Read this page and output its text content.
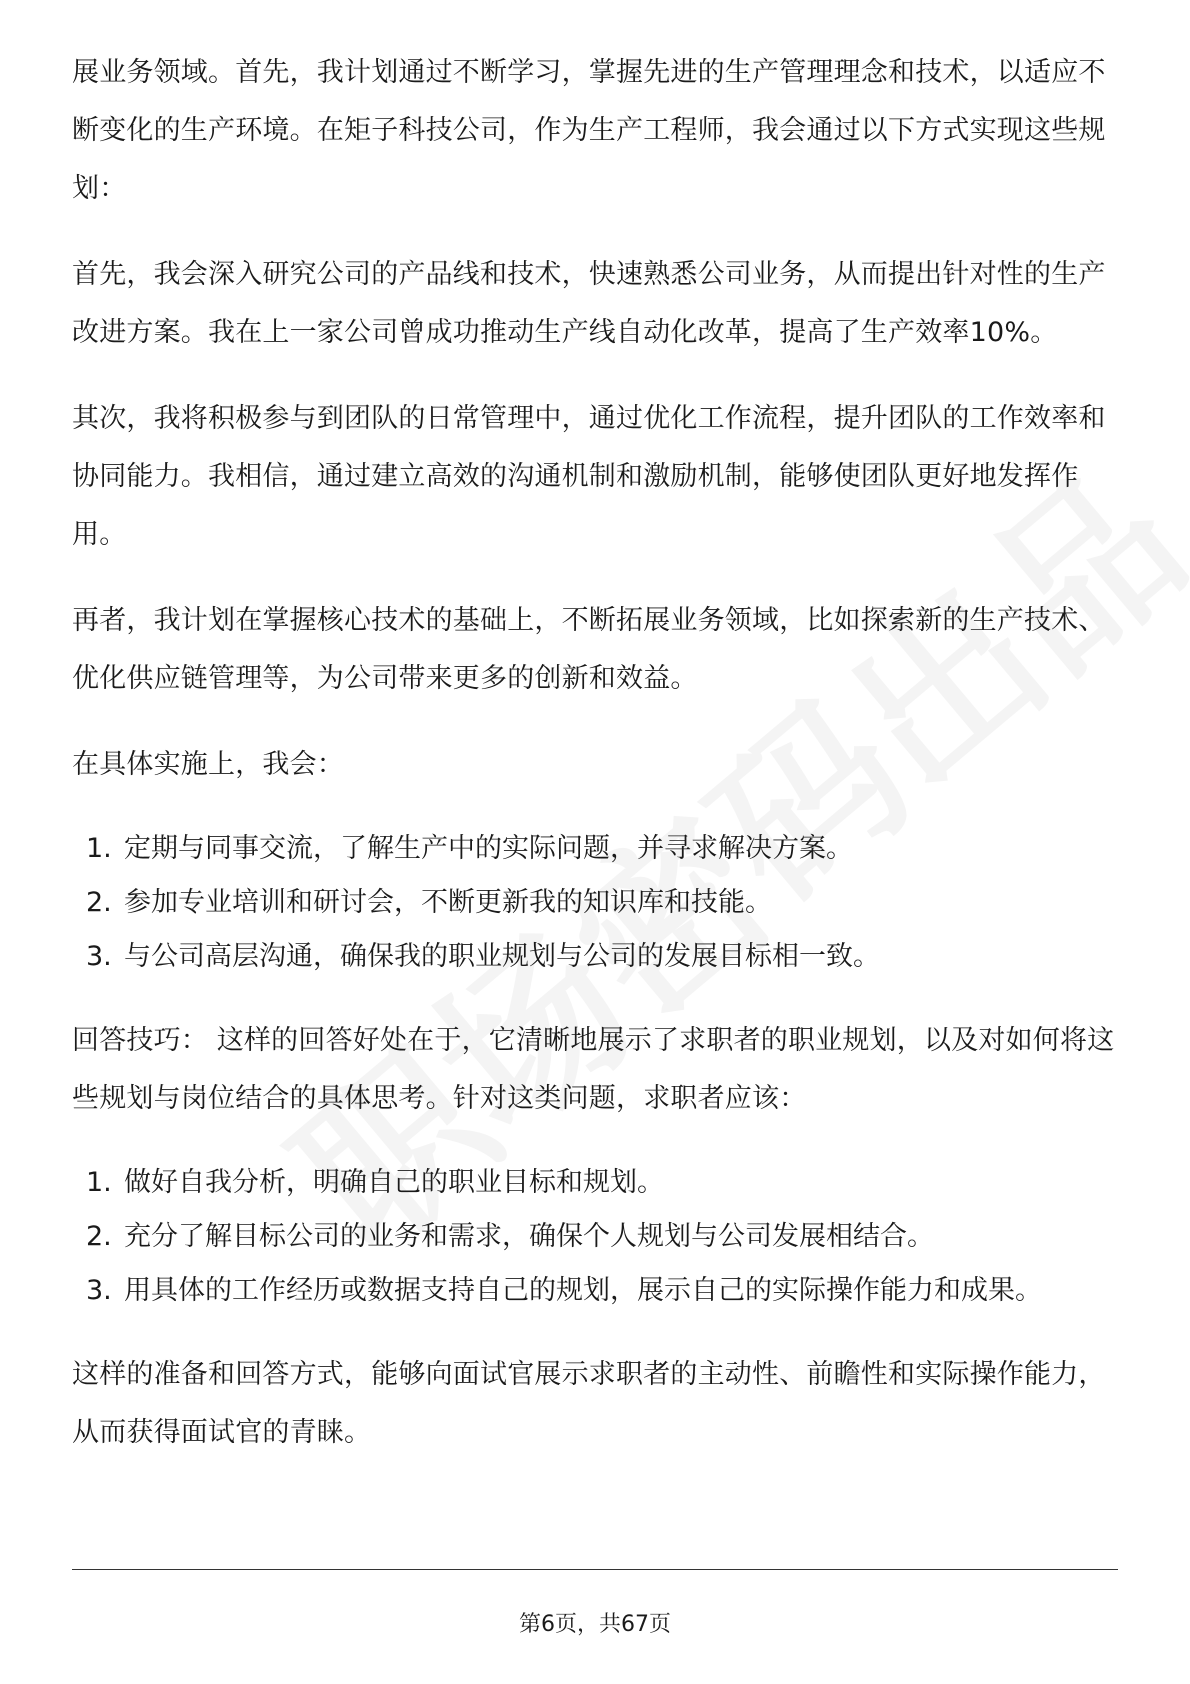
展业务领域。首先，我计划通过不断学习，掌握先进的生产管理理念和技术，以适应不断变化的生产环境。在矩子科技公司，作为生产工程师，我会通过以下方式实现这些规划：

首先，我会深入研究公司的产品线和技术，快速熟悉公司业务，从而提出针对性的生产改进方案。我在上一家公司曾成功推动生产线自动化改革，提高了生产效率10%。

其次，我将积极参与到团队的日常管理中，通过优化工作流程，提升团队的工作效率和协同能力。我相信，通过建立高效的沟通机制和激励机制，能够使团队更好地发挥作用。

再者，我计划在掌握核心技术的基础上，不断拓展业务领域，比如探索新的生产技术、优化供应链管理等，为公司带来更多的创新和效益。

在具体实施上，我会：

1. 定期与同事交流，了解生产中的实际问题，并寻求解决方案。
2. 参加专业培训和研讨会，不断更新我的知识库和技能。
3. 与公司高层沟通，确保我的职业规划与公司的发展目标相一致。

回答技巧： 这样的回答好处在于，它清晰地展示了求职者的职业规划，以及对如何将这些规划与岗位结合的具体思考。针对这类问题，求职者应该：

1. 做好自我分析，明确自己的职业目标和规划。
2. 充分了解目标公司的业务和需求，确保个人规划与公司发展相结合。
3. 用具体的工作经历或数据支持自己的规划，展示自己的实际操作能力和成果。

这样的准备和回答方式，能够向面试官展示求职者的主动性、前瞻性和实际操作能力，从而获得面试官的青睐。

第6页，共67页
